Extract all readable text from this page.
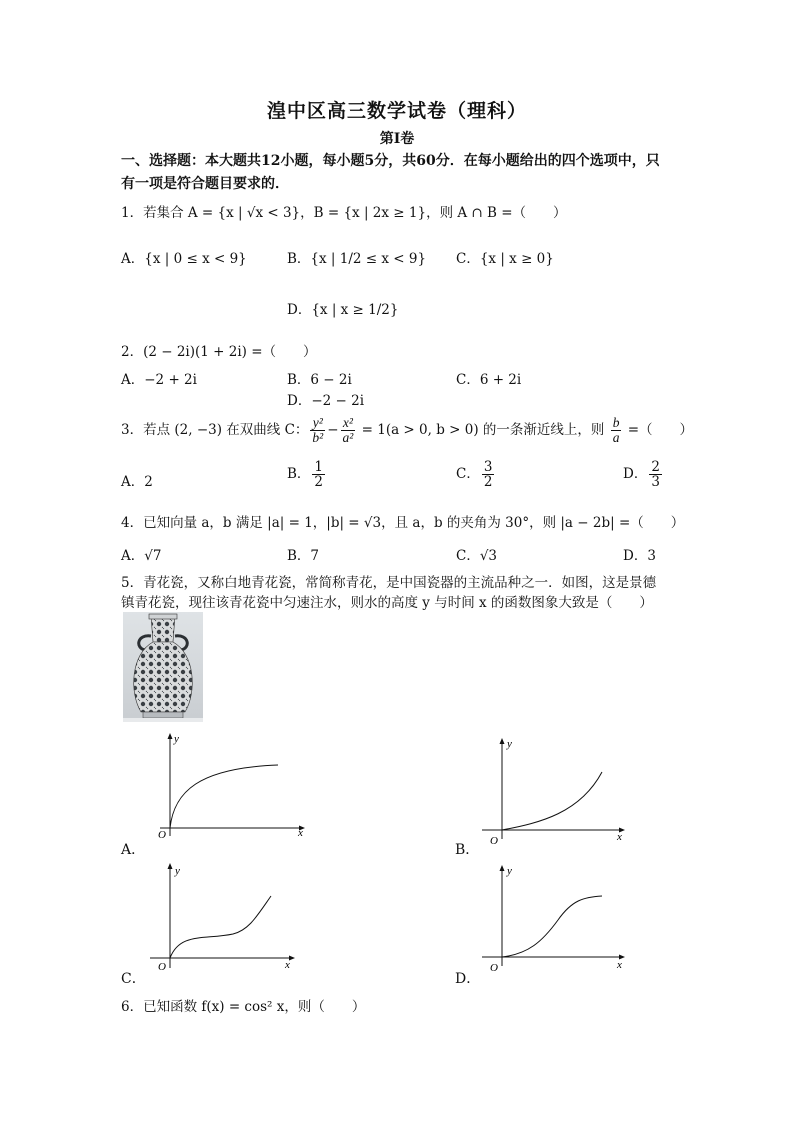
湟中区高三数学试卷（理科）
第Ⅰ卷
一、选择题：本大题共12小题，每小题5分，共60分．在每小题给出的四个选项中，只
有一项是符合题目要求的．
1．若集合 A = {x | √x < 3}，B = {x | 2x ≥ 1}，则 A ∩ B =（　　）
A．{x | 0 ≤ x < 9}	B．{x | 1/2 ≤ x < 9} C．{x | x ≥ 0}
D．{x | x ≥ 1/2}
2．(2 − 2i)(1 + 2i) =（　　）
A．−2 + 2i	B．6 − 2i	C．6 + 2i
D．−2 − 2i
3．若点 (2, −3) 在双曲线 C： $\frac{\text{y²}}{\text{b²}} - \frac{\text{x²}}{\text{a²}} = 1(a > 0$, b > 0) 的一条渐近线上，则 $\frac{b}{a}$ =（　　）
A．2	B． $\frac{1}{2}$	C． $\frac{3}{2}$	D． $\frac{2}{3}$
4．已知向量 a，b 满足 |a| = 1，|b| = √3，且 a，b 的夹角为 30°，则 |a − 2b| =（　　）
A．√7	B．7	C．√3	D．3
5．青花瓷，又称白地青花瓷，常简称青花，是中国瓷器的主流品种之一．如图，这是景德
镇青花瓷，现往该青花瓷中匀速注水，则水的高度 y 与时间 x 的函数图象大致是（　　）
y
x
O
A．
y
x
O
B．
y
x
O
C．
y
x
O
D．
6．已知函数 f(x) = cos² x，则（　　）
